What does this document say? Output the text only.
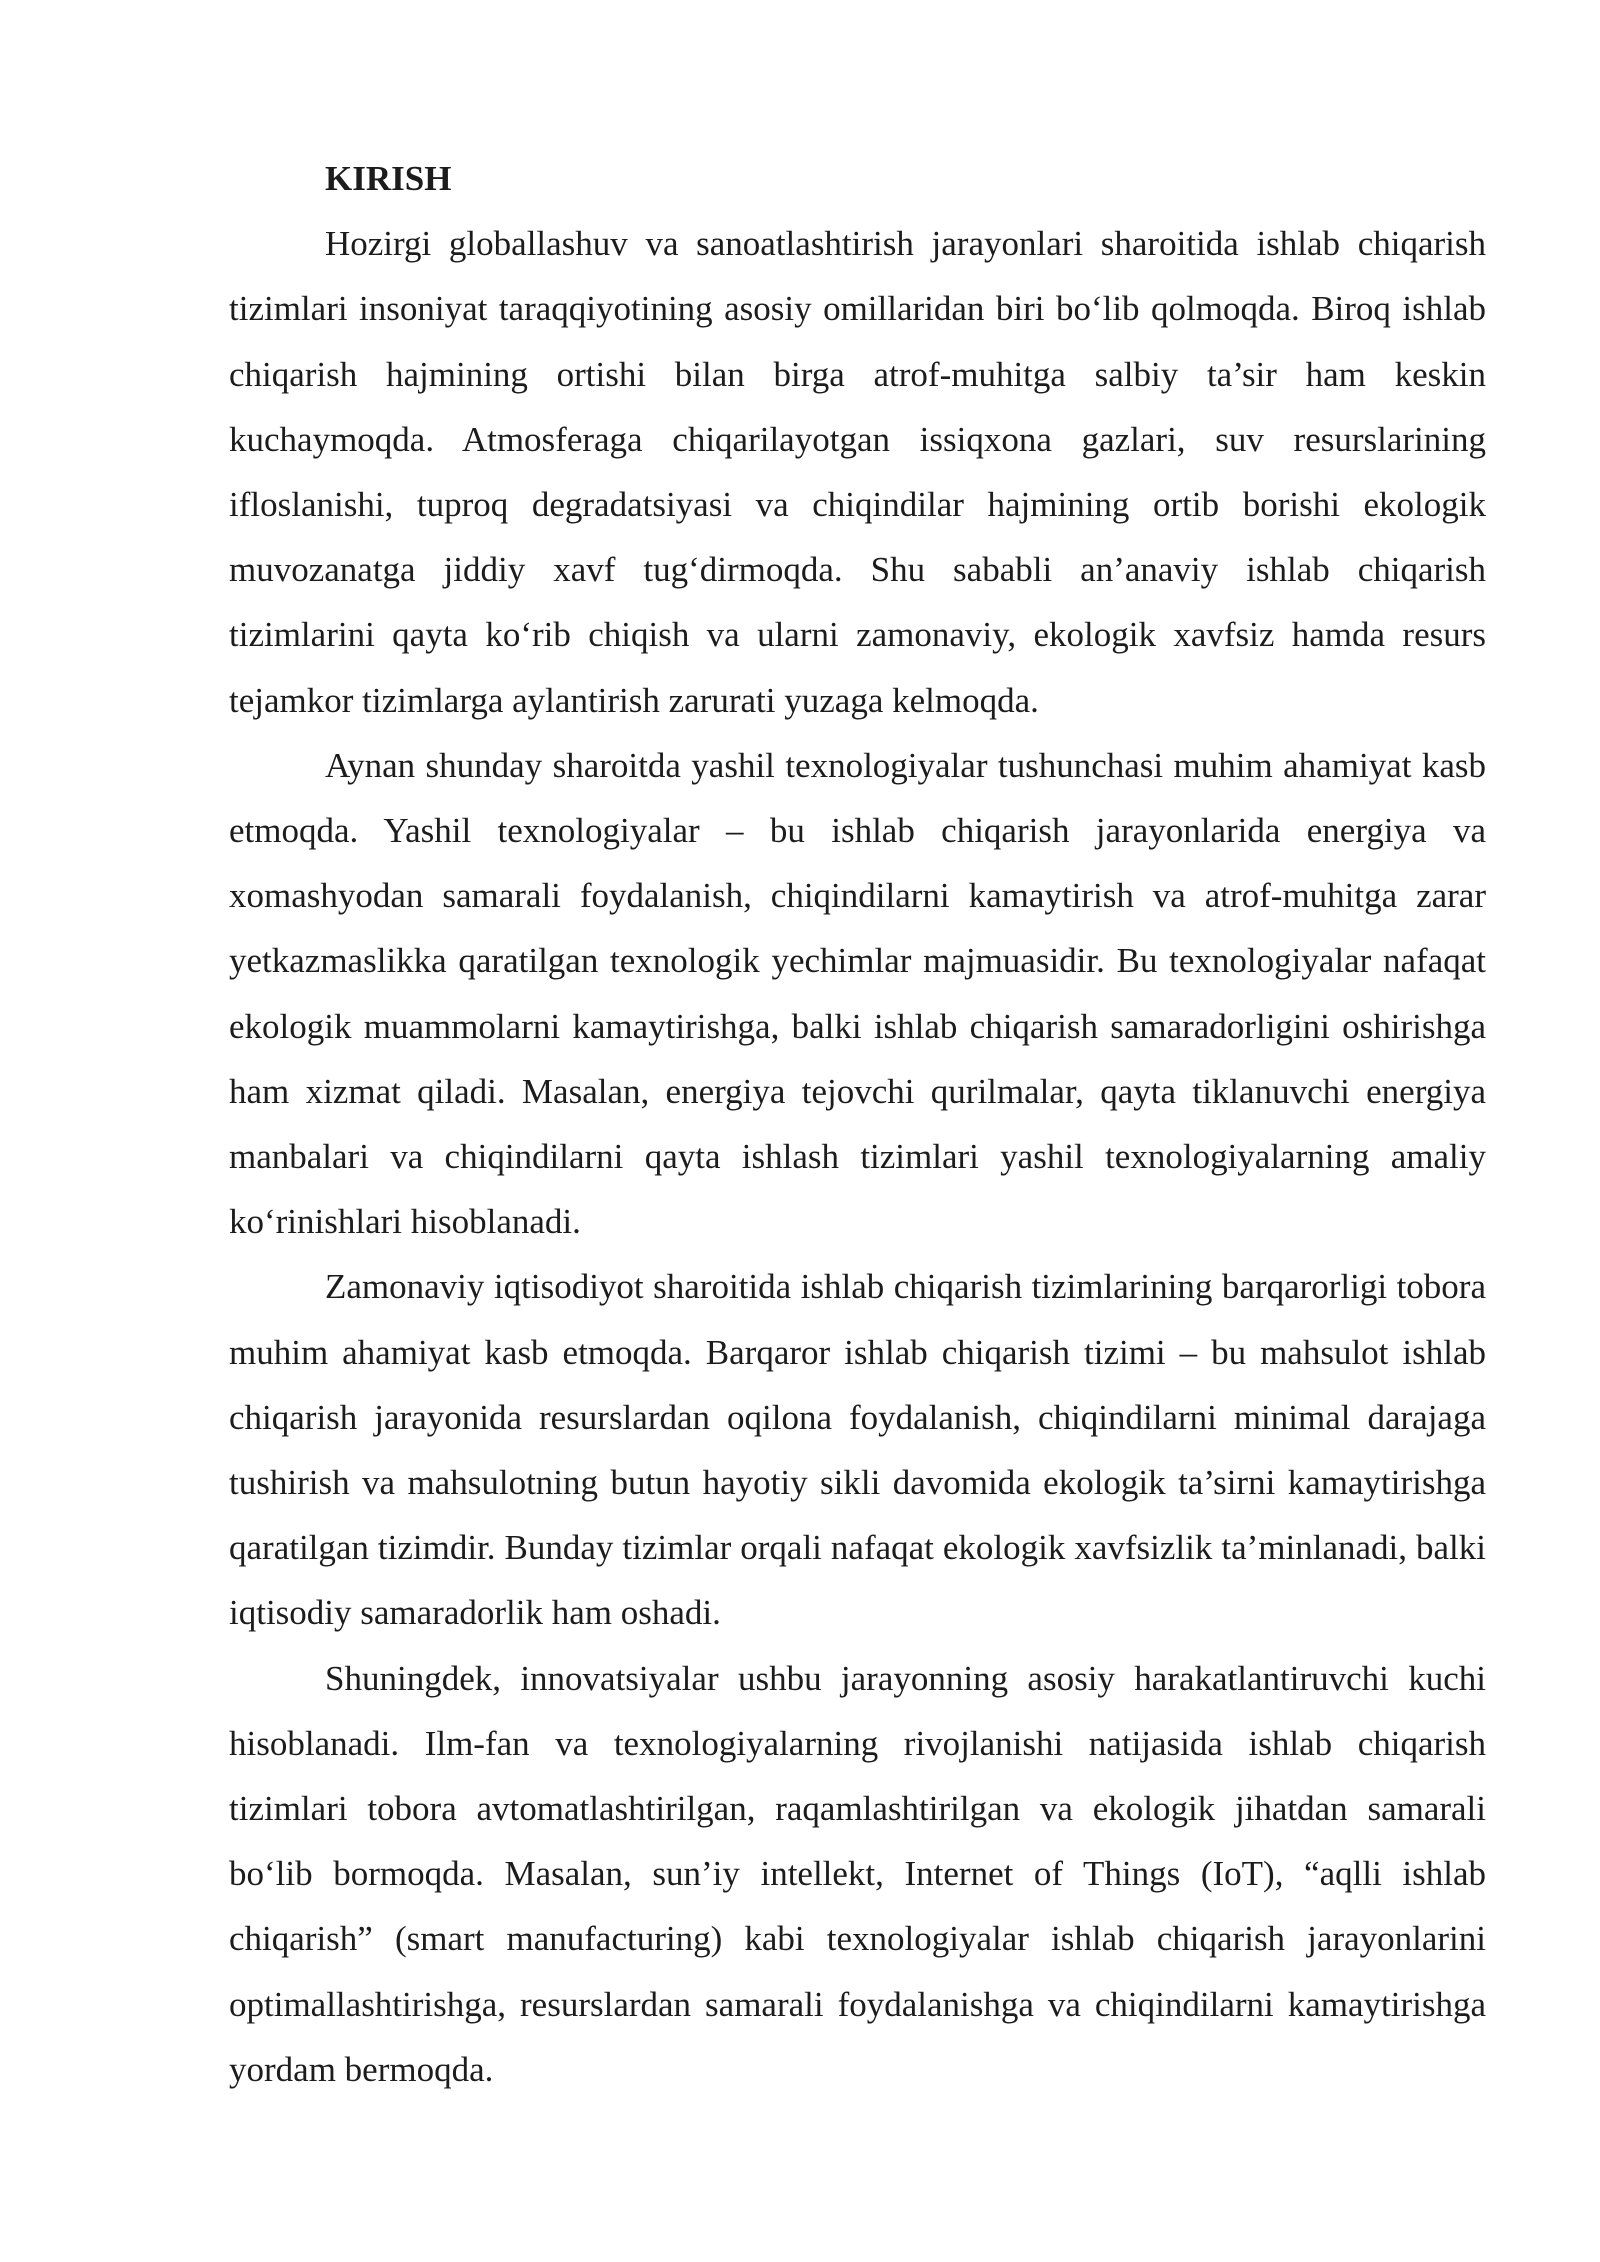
KIRISH

Hozirgi globallashuv va sanoatlashtirish jarayonlari sharoitida ishlab chiqarish tizimlari insoniyat taraqqiyotining asosiy omillaridan biri bo‘lib qolmoqda. Biroq ishlab chiqarish hajmining ortishi bilan birga atrof-muhitga salbiy ta’sir ham keskin kuchaymoqda. Atmosferaga chiqarilayotgan issiqxona gazlari, suv resurslarining ifloslanishi, tuproq degradatsiyasi va chiqindilar hajmining ortib borishi ekologik muvozanatga jiddiy xavf tug‘dirmoqda. Shu sababli an’anaviy ishlab chiqarish tizimlarini qayta ko‘rib chiqish va ularni zamonaviy, ekologik xavfsiz hamda resurs tejamkor tizimlarga aylantirish zarurati yuzaga kelmoqda.

Aynan shunday sharoitda yashil texnologiyalar tushunchasi muhim ahamiyat kasb etmoqda. Yashil texnologiyalar – bu ishlab chiqarish jarayonlarida energiya va xomashyodan samarali foydalanish, chiqindilarni kamaytirish va atrof-muhitga zarar yetkazmaslikka qaratilgan texnologik yechimlar majmuasidir. Bu texnologiyalar nafaqat ekologik muammolarni kamaytirishga, balki ishlab chiqarish samaradorligini oshirishga ham xizmat qiladi. Masalan, energiya tejovchi qurilmalar, qayta tiklanuvchi energiya manbalari va chiqindilarni qayta ishlash tizimlari yashil texnologiyalarning amaliy ko‘rinishlari hisoblanadi.

Zamonaviy iqtisodiyot sharoitida ishlab chiqarish tizimlarining barqarorligi tobora muhim ahamiyat kasb etmoqda. Barqaror ishlab chiqarish tizimi – bu mahsulot ishlab chiqarish jarayonida resurslardan oqilona foydalanish, chiqindilarni minimal darajaga tushirish va mahsulotning butun hayotiy sikli davomida ekologik ta’sirni kamaytirishga qaratilgan tizimdir. Bunday tizimlar orqali nafaqat ekologik xavfsizlik ta’minlanadi, balki iqtisodiy samaradorlik ham oshadi.

Shuningdek, innovatsiyalar ushbu jarayonning asosiy harakatlantiruvchi kuchi hisoblanadi. Ilm-fan va texnologiyalarning rivojlanishi natijasida ishlab chiqarish tizimlari tobora avtomatlashtirilgan, raqamlashtirilgan va ekologik jihatdan samarali bo‘lib bormoqda. Masalan, sun’iy intellekt, Internet of Things (IoT), “aqlli ishlab chiqarish” (smart manufacturing) kabi texnologiyalar ishlab chiqarish jarayonlarini optimallashtirishga, resurslardan samarali foydalanishga va chiqindilarni kamaytirishga yordam bermoqda.
